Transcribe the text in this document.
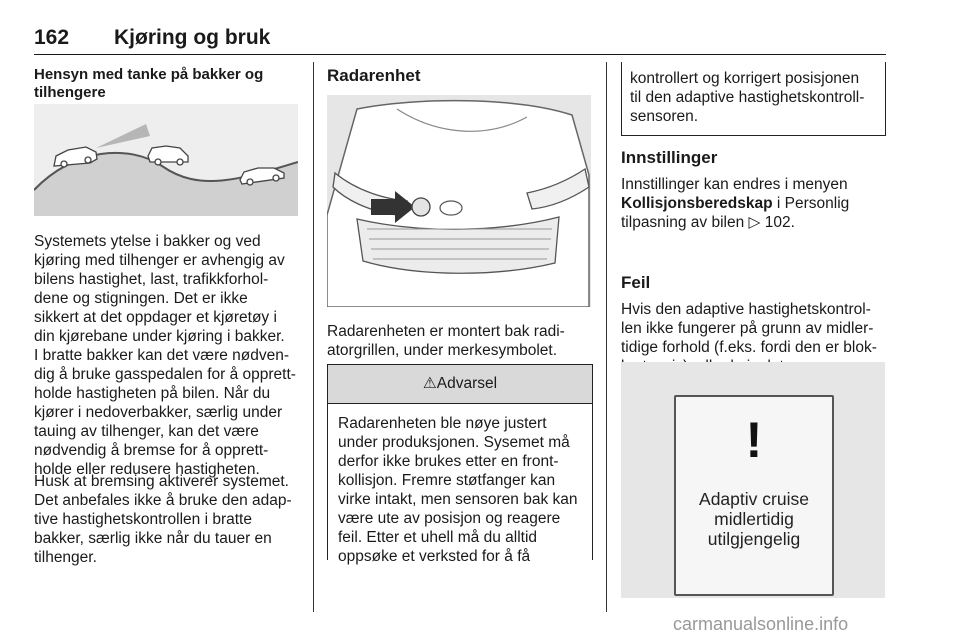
162 Kjøring og bruk

Hensyn med tanke på bakker og

tilhengere

Systemets ytelse i bakker og ved

kjøring med tilhenger er avhengig av

bilens hastighet, last, trafikkforhol-

dene og stigningen. Det er ikke

sikkert at det oppdager et kjøretøy i

din kjørebane under kjøring i bakker.

I bratte bakker kan det være nødven-

dig å bruke gasspedalen for å opprett-

holde hastigheten på bilen. Når du

kjører i nedoverbakker, særlig under

tauing av tilhenger, kan det være

nødvendig å bremse for å opprett-

holde eller redusere hastigheten.

Husk at bremsing aktiverer systemet.

Det anbefales ikke å bruke den adap-

tive hastighetskontrollen i bratte

bakker, særlig ikke når du tauer en

tilhenger.

Radarenhet

Radarenheten er montert bak radi-

atorgrillen, under merkesymbolet.

⚠Advarsel

Radarenheten ble nøye justert

under produksjonen. Sysemet må

derfor ikke brukes etter en front-

kollisjon. Fremre støtfanger kan

virke intakt, men sensoren bak kan

være ute av posisjon og reagere

feil. Etter et uhell må du alltid

oppsøke et verksted for å få

kontrollert og korrigert posisjonen

til den adaptive hastighetskontroll-

sensoren.

Innstillinger

Innstillinger kan endres i menyen

Kollisjonsberedskap i Personlig

tilpasning av bilen ▷ 102.

Feil

Hvis den adaptive hastighetskontrol-

len ikke fungerer på grunn av midler-

tidige forhold (f.eks. fordi den er blok-

!
Adaptiv cruise
midlertidig
utilgjengelig
carmanualsonline.info
